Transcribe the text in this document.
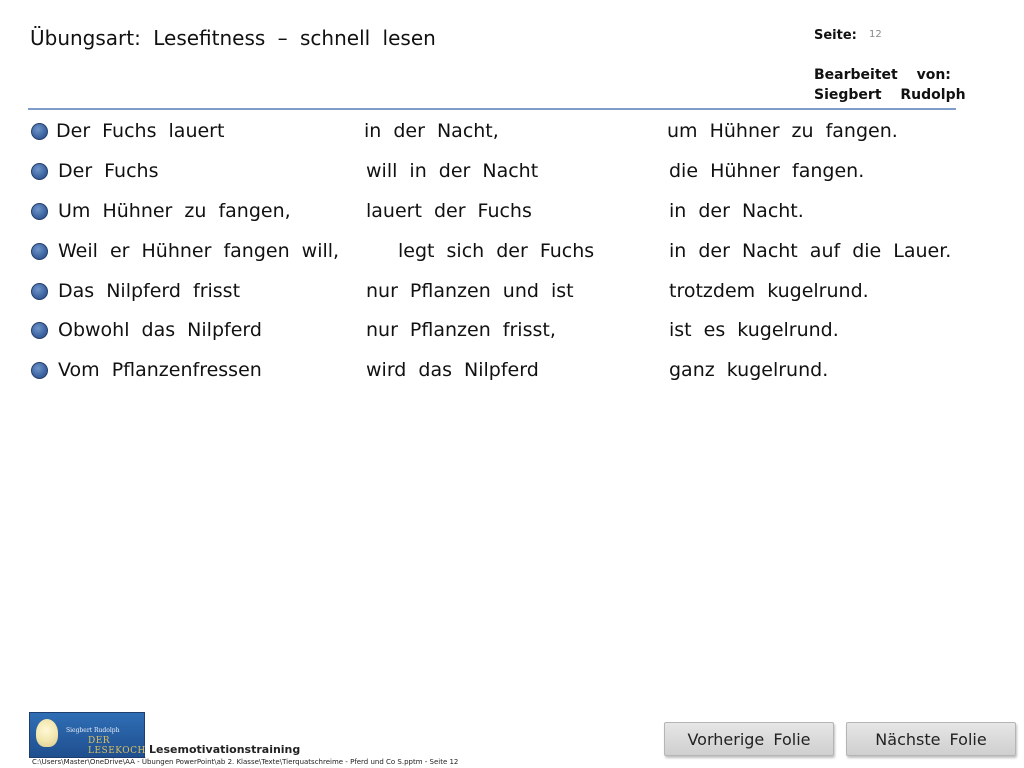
Übungsart: Lesefitness – schnell lesen	Seite: 12
Bearbeitet von:
Siegbert Rudolph
Der Fuchs lauert	in der Nacht,	um Hühner zu fangen.
Der Fuchs	will in der Nacht	die Hühner fangen.
Um Hühner zu fangen,	lauert der Fuchs	in der Nacht.
Weil er Hühner fangen will,	legt sich der Fuchs	in der Nacht auf die Lauer.
Das Nilpferd frisst	nur Pflanzen und ist	trotzdem kugelrund.
Obwohl das Nilpferd	nur Pflanzen frisst,	ist es kugelrund.
Vom Pflanzenfressen	wird das Nilpferd	ganz kugelrund.
Siegbert Rudolph
DER LESEKOCH Lesemotivationstraining
C:\Users\Master\OneDrive\AA - Übungen PowerPoint\ab 2. Klasse\Texte\Tierquatschreime - Pferd und Co S.pptm - Seite 12
Vorherige Folie	Nächste Folie
